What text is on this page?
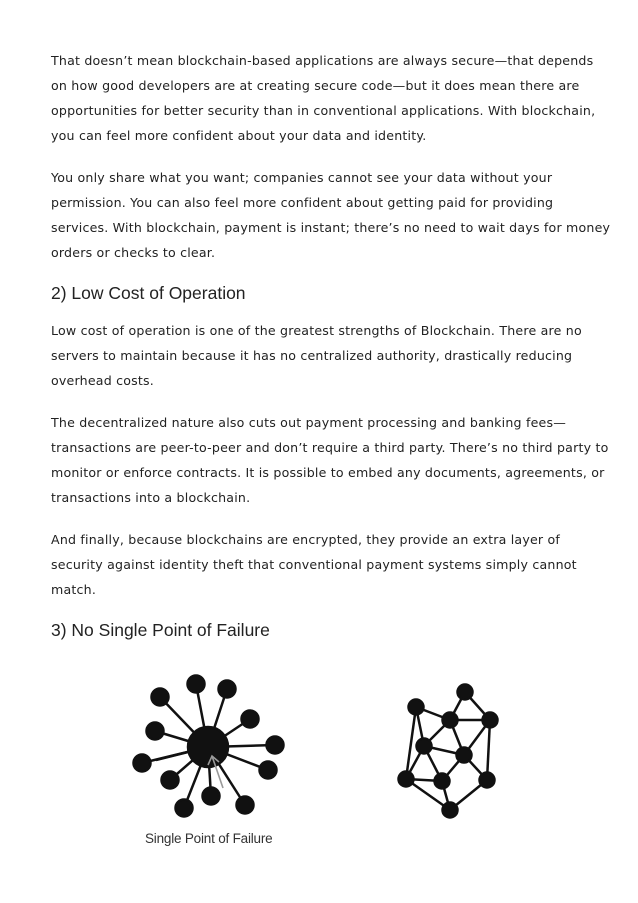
That doesn’t mean blockchain-based applications are always secure—that depends on how good developers are at creating secure code—but it does mean there are opportunities for better security than in conventional applications. With blockchain, you can feel more confident about your data and identity.

You only share what you want; companies cannot see your data without your permission. You can also feel more confident about getting paid for providing services. With blockchain, payment is instant; there’s no need to wait days for money orders or checks to clear.

2) Low Cost of Operation

Low cost of operation is one of the greatest strengths of Blockchain. There are no servers to maintain because it has no centralized authority, drastically reducing overhead costs.

The decentralized nature also cuts out payment processing and banking fees—transactions are peer-to-peer and don’t require a third party. There’s no third party to monitor or enforce contracts. It is possible to embed any documents, agreements, or transactions into a blockchain.

And finally, because blockchains are encrypted, they provide an extra layer of security against identity theft that conventional payment systems simply cannot match.

3) No Single Point of Failure
Single Point of Failure
